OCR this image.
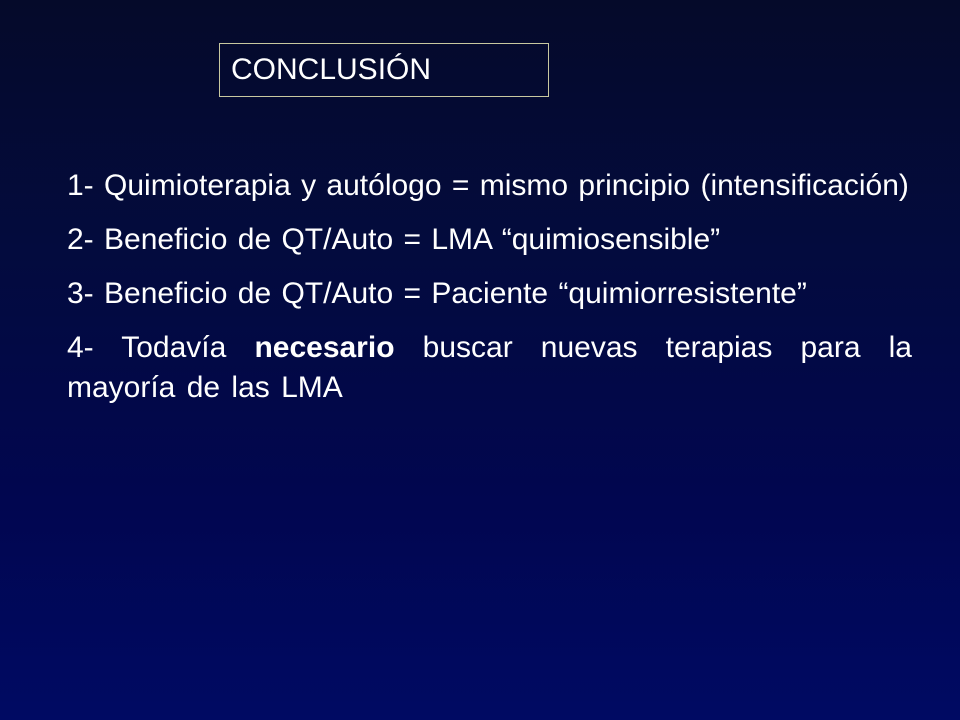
CONCLUSIÓN

1- Quimioterapia y autólogo = mismo principio (intensificación)

2- Beneficio de QT/Auto = LMA “quimiosensible”

3- Beneficio de QT/Auto = Paciente “quimiorresistente”

4- Todavía necesario buscar nuevas terapias para la mayoría de las LMA
